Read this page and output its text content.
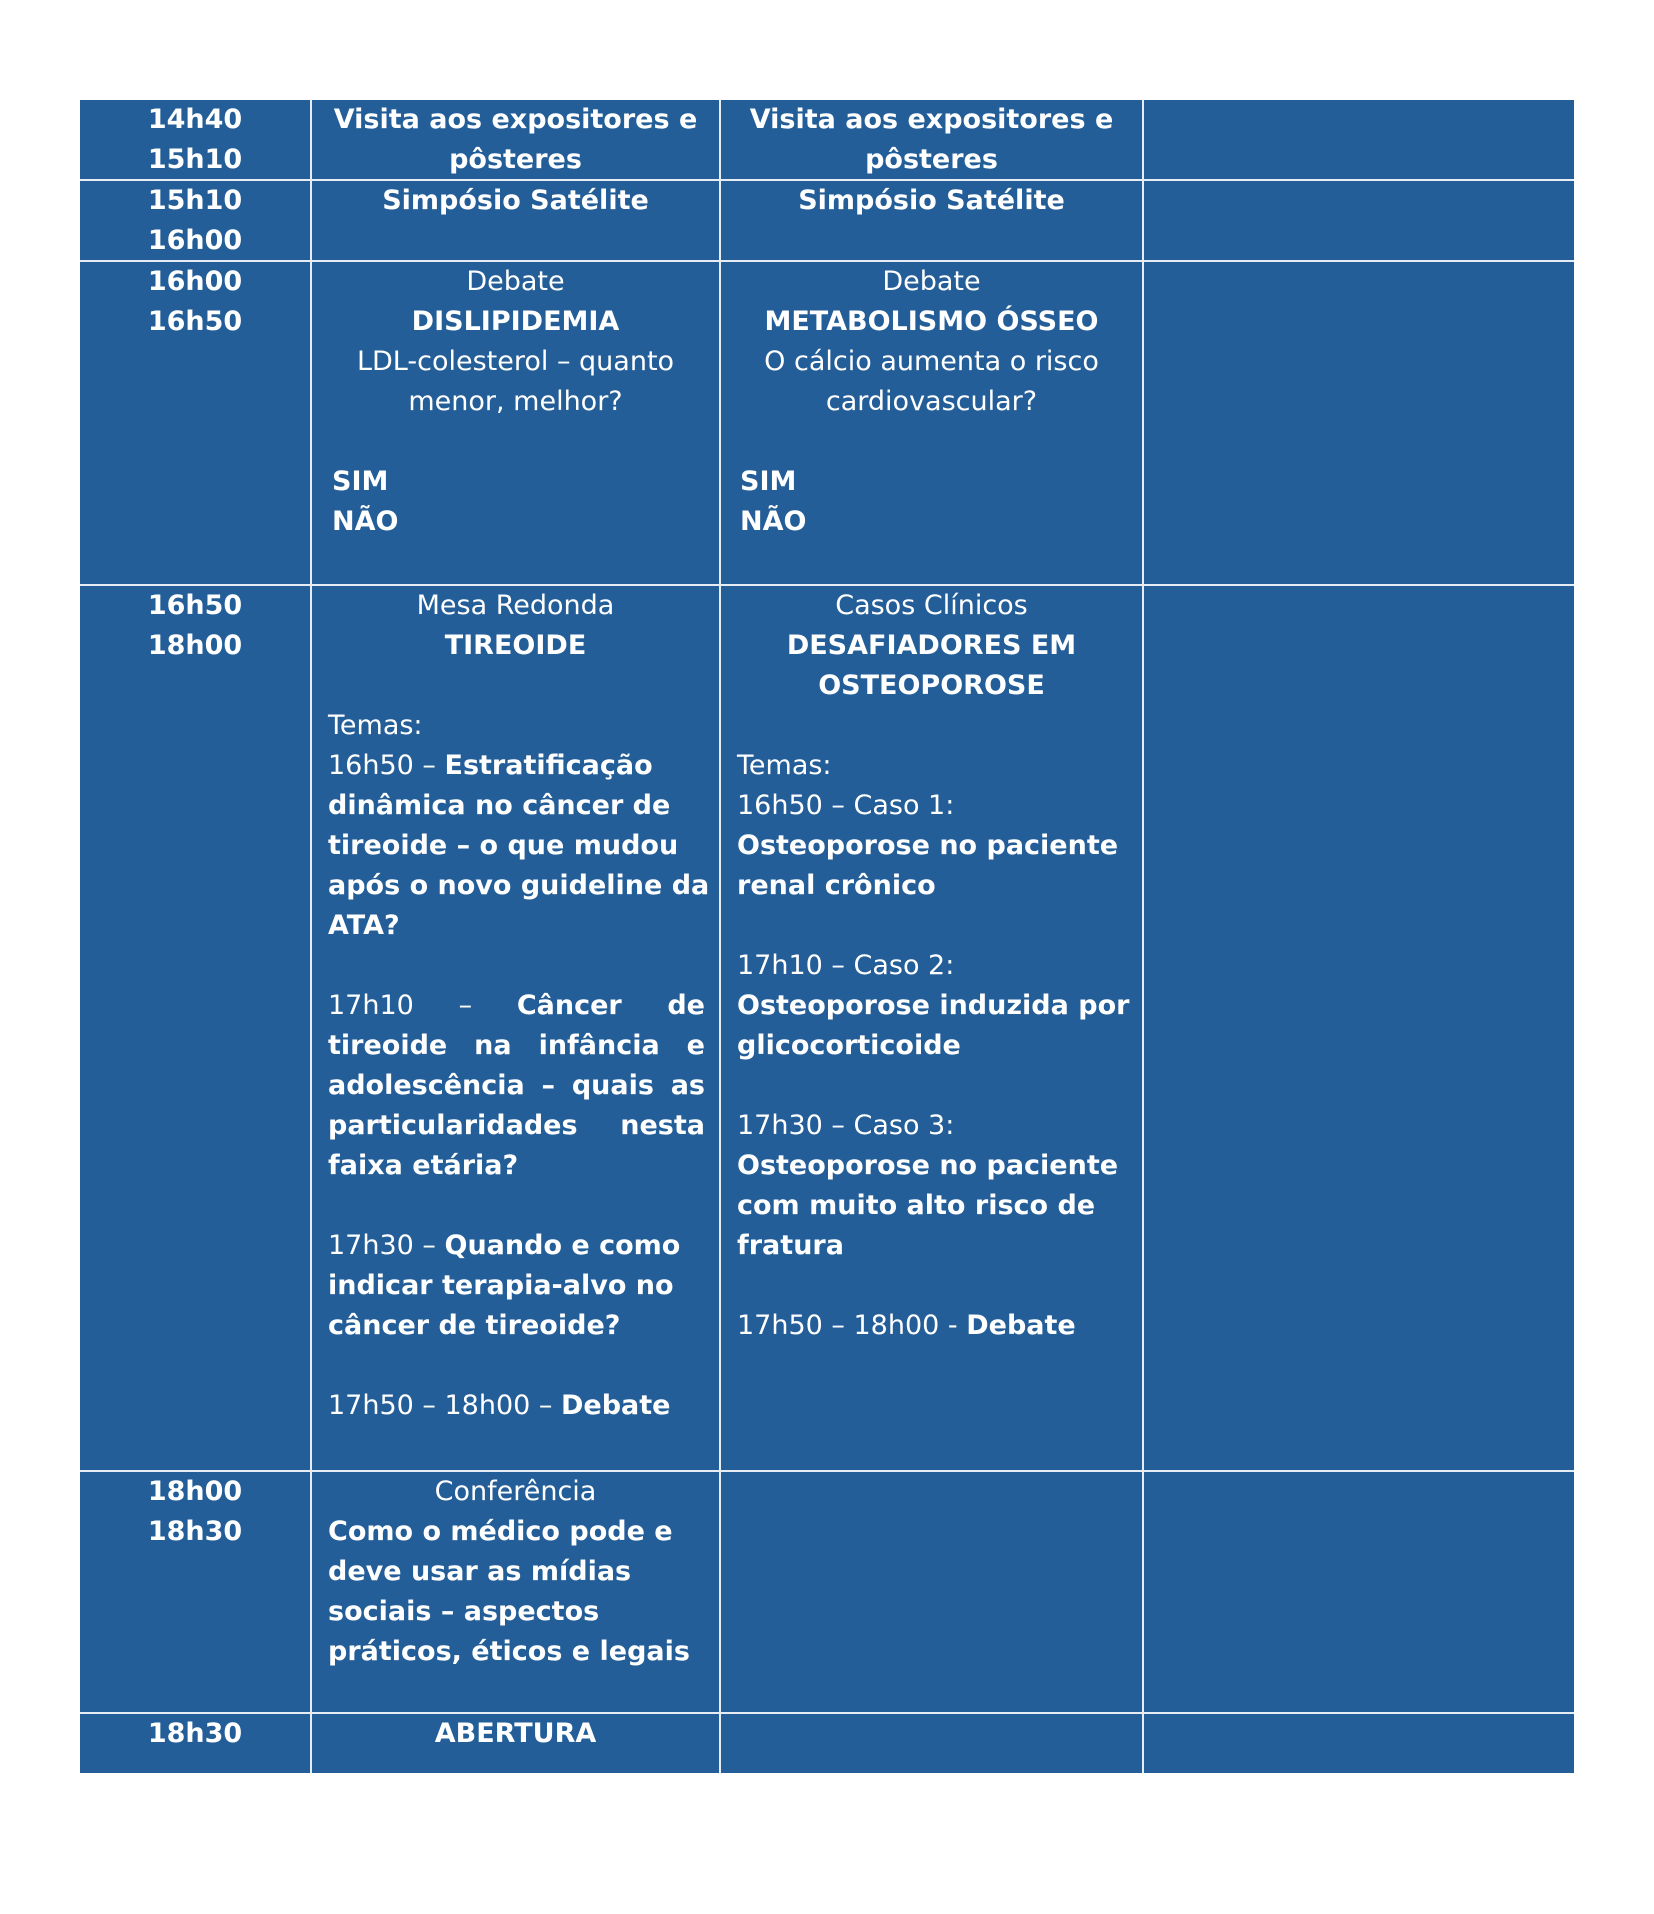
14h40
15h10
Visita aos expositores e
pôsteres
Visita aos expositores e
pôsteres
15h10
16h00
Simpósio Satélite	Simpósio Satélite
16h00
16h50
Debate
DISLIPIDEMIA
LDL-colesterol – quanto
menor, melhor?
SIM
NÃO
Debate
METABOLISMO ÓSSEO
O cálcio aumenta o risco
cardiovascular?
SIM
NÃO
16h50
18h00
Mesa Redonda
TIREOIDE
Temas:
16h50 – Estratificação
dinâmica no câncer de
tireoide – o que mudou
após o novo guideline da
ATA?
17h10 – Câncer de
tireoide na infância e
adolescência – quais as
particularidades nesta
faixa etária?
17h30 – Quando e como
indicar terapia-alvo no
câncer de tireoide?
17h50 – 18h00 – Debate
Casos Clínicos
DESAFIADORES EM
OSTEOPOROSE
Temas:
16h50 – Caso 1:
Osteoporose no paciente
renal crônico
17h10 – Caso 2:
Osteoporose induzida por
glicocorticoide
17h30 – Caso 3:
Osteoporose no paciente
com muito alto risco de
fratura
17h50 – 18h00 - Debate
18h00
18h30
Conferência
Como o médico pode e
deve usar as mídias
sociais – aspectos
práticos, éticos e legais
18h30	ABERTURA
